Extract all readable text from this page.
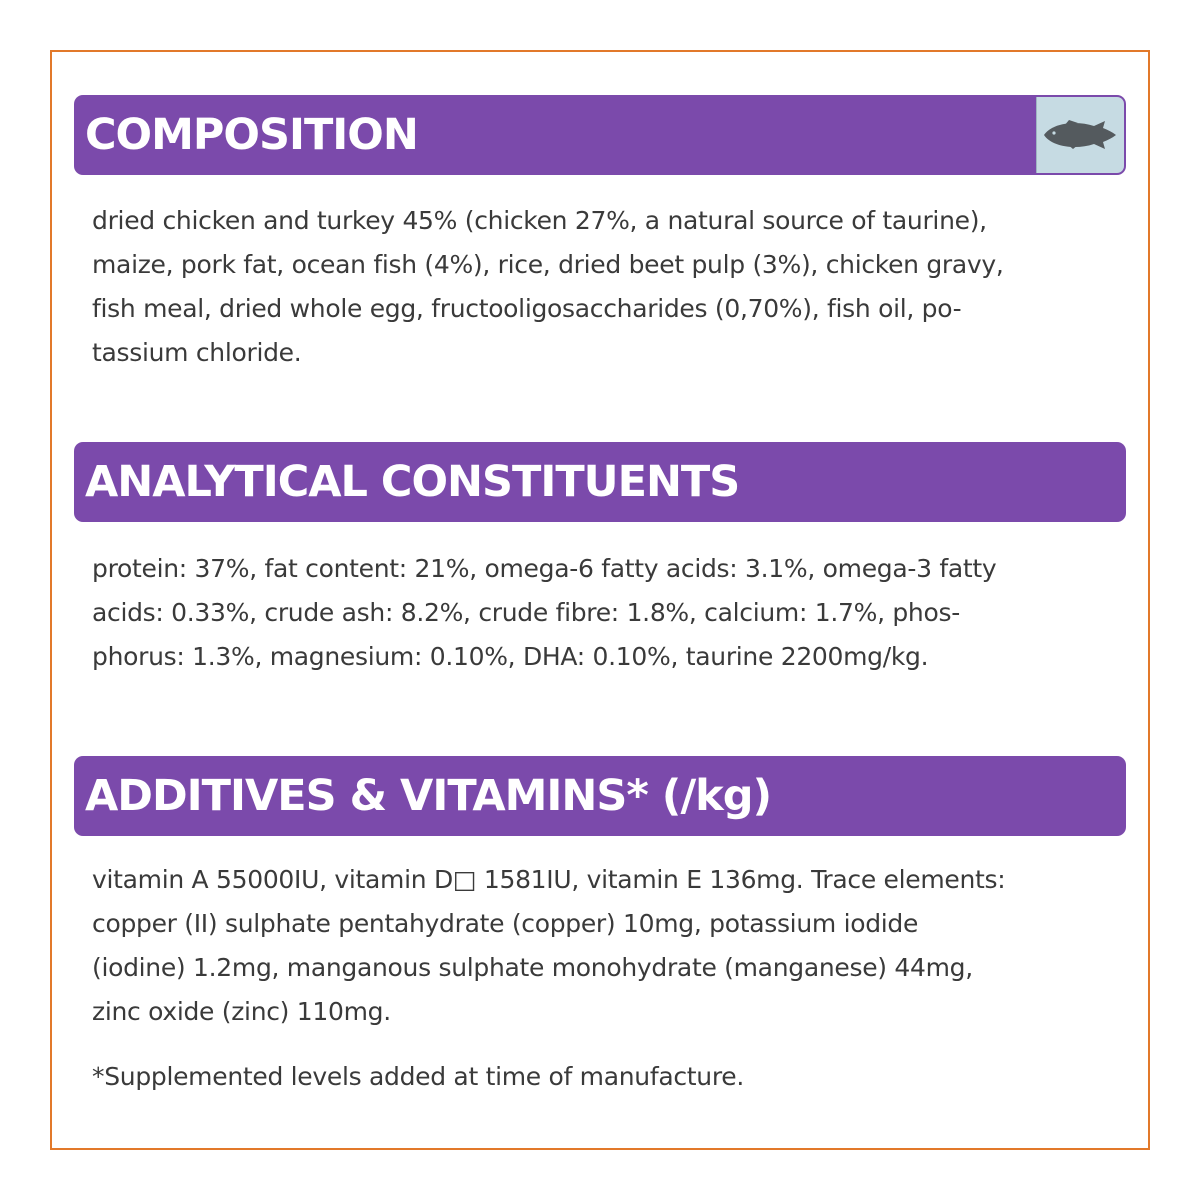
COMPOSITION
dried chicken and turkey 45% (chicken 27%, a natural source of taurine),
maize, pork fat, ocean fish (4%), rice, dried beet pulp (3%), chicken gravy,
fish meal, dried whole egg, fructooligosaccharides (0,70%), fish oil, po-
tassium chloride.
ANALYTICAL CONSTITUENTS
protein: 37%, fat content: 21%, omega-6 fatty acids: 3.1%, omega-3 fatty
acids: 0.33%, crude ash: 8.2%, crude fibre: 1.8%, calcium: 1.7%, phos-
phorus: 1.3%, magnesium: 0.10%, DHA: 0.10%, taurine 2200mg/kg.
ADDITIVES & VITAMINS* (/kg)
vitamin A 55000IU, vitamin D□ 1581IU, vitamin E 136mg. Trace elements:
copper (II) sulphate pentahydrate (copper) 10mg, potassium iodide
(iodine) 1.2mg, manganous sulphate monohydrate (manganese) 44mg,
zinc oxide (zinc) 110mg.
*Supplemented levels added at time of manufacture.
